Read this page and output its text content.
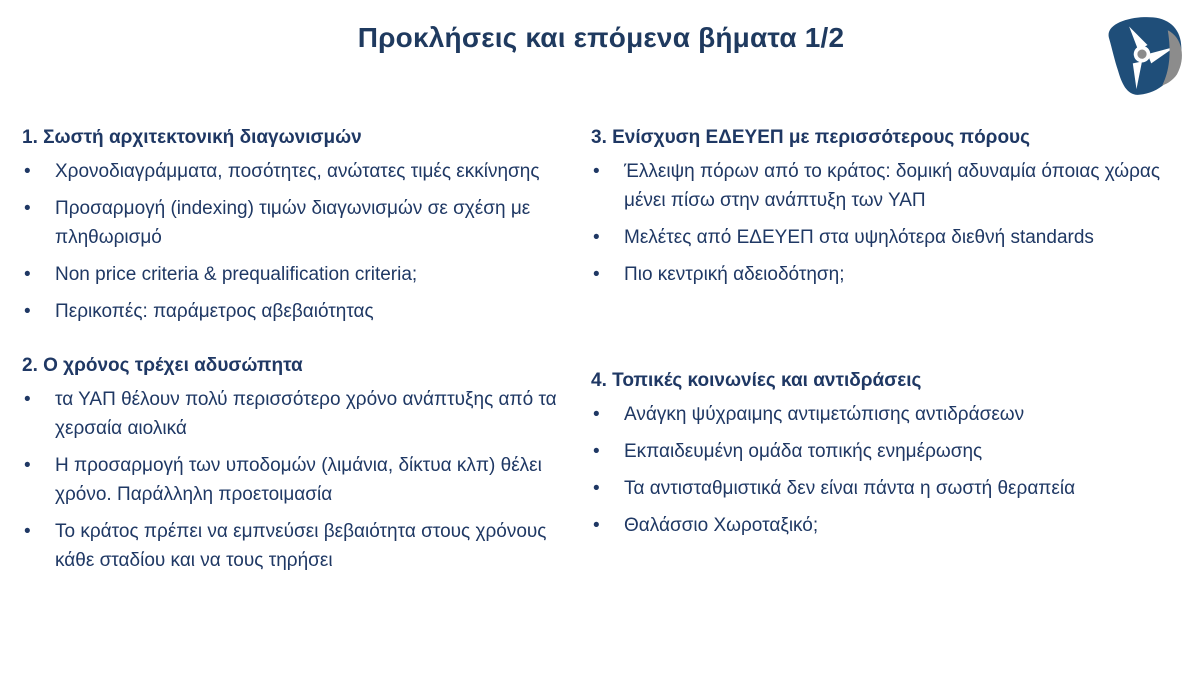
Προκλήσεις και επόμενα βήματα 1/2
1. Σωστή αρχιτεκτονική διαγωνισμών
• Χρονοδιαγράμματα, ποσότητες, ανώτατες τιμές εκκίνησης
• Προσαρμογή (indexing) τιμών διαγωνισμών σε σχέση με πληθωρισμό
• Non price criteria & prequalification criteria;
• Περικοπές: παράμετρος αβεβαιότητας
2. Ο χρόνος τρέχει αδυσώπητα
• τα ΥΑΠ θέλουν πολύ περισσότερο χρόνο ανάπτυξης από τα χερσαία αιολικά
• Η προσαρμογή των υποδομών (λιμάνια, δίκτυα κλπ) θέλει χρόνο. Παράλληλη προετοιμασία
• Το κράτος πρέπει να εμπνεύσει βεβαιότητα στους χρόνους κάθε σταδίου και να τους τηρήσει
3. Ενίσχυση ΕΔΕΥΕΠ με περισσότερους πόρους
• Έλλειψη πόρων από το κράτος: δομική αδυναμία όποιας χώρας μένει πίσω στην ανάπτυξη των ΥΑΠ
• Μελέτες από ΕΔΕΥΕΠ στα υψηλότερα διεθνή standards
• Πιο κεντρική αδειοδότηση;
4. Τοπικές κοινωνίες και αντιδράσεις
• Ανάγκη ψύχραιμης αντιμετώπισης αντιδράσεων
• Εκπαιδευμένη ομάδα τοπικής ενημέρωσης
• Τα αντισταθμιστικά δεν είναι πάντα η σωστή θεραπεία
• Θαλάσσιο Χωροταξικό;
